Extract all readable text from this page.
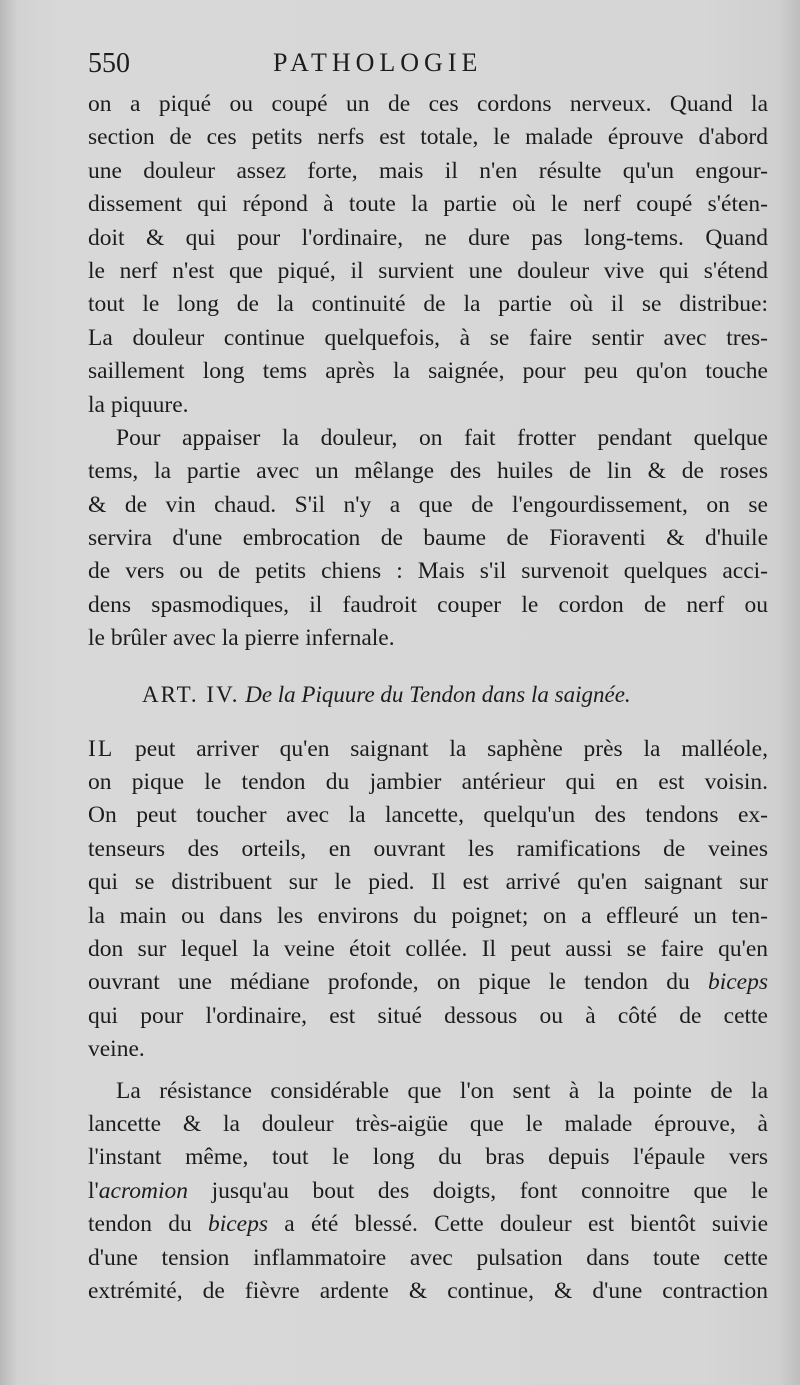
550	PATHOLOGIE
on a piqué ou coupé un de ces cordons nerveux. Quand la
section de ces petits nerfs est totale, le malade éprouve d'abord
une douleur assez forte, mais il n'en résulte qu'un engour-
dissement qui répond à toute la partie où le nerf coupé s'éten-
doit & qui pour l'ordinaire, ne dure pas long-tems. Quand
le nerf n'est que piqué, il survient une douleur vive qui s'étend
tout le long de la continuité de la partie où il se distribue:
La douleur continue quelquefois, à se faire sentir avec tres-
saillement long tems après la saignée, pour peu qu'on touche
la piquure.
Pour appaiser la douleur, on fait frotter pendant quelque
tems, la partie avec un mêlange des huiles de lin & de roses
& de vin chaud. S'il n'y a que de l'engourdissement, on se
servira d'une embrocation de baume de Fioraventi & d'huile
de vers ou de petits chiens : Mais s'il survenoit quelques acci-
dens spasmodiques, il faudroit couper le cordon de nerf ou
le brûler avec la pierre infernale.
ART. IV. De la Piquure du Tendon dans la saignée.
IL peut arriver qu'en saignant la saphène près la malléole,
on pique le tendon du jambier antérieur qui en est voisin.
On peut toucher avec la lancette, quelqu'un des tendons ex-
tenseurs des orteils, en ouvrant les ramifications de veines
qui se distribuent sur le pied. Il est arrivé qu'en saignant sur
la main ou dans les environs du poignet; on a effleuré un ten-
don sur lequel la veine étoit collée. Il peut aussi se faire qu'en
ouvrant une médiane profonde, on pique le tendon du biceps
qui pour l'ordinaire, est situé dessous ou à côté de cette
veine.
La résistance considérable que l'on sent à la pointe de la
lancette & la douleur très-aigüe que le malade éprouve, à
l'instant même, tout le long du bras depuis l'épaule vers
l'acromion jusqu'au bout des doigts, font connoitre que le
tendon du biceps a été blessé. Cette douleur est bientôt suivie
d'une tension inflammatoire avec pulsation dans toute cette
extrémité, de fièvre ardente & continue, & d'une contraction
